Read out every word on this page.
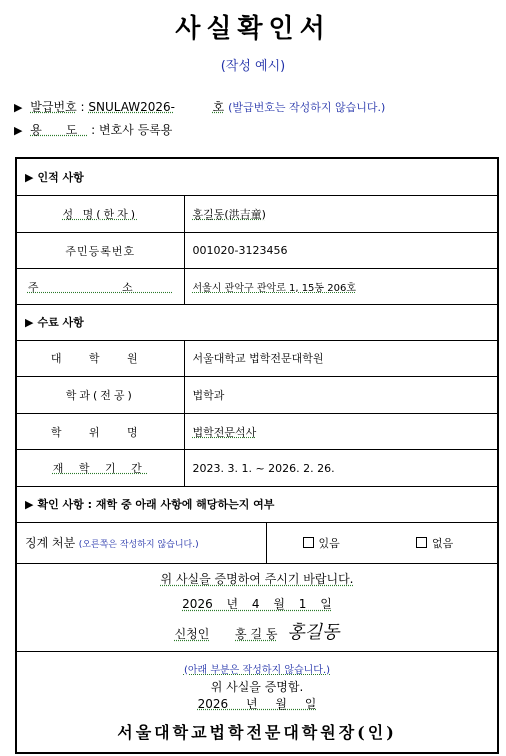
사실확인서
(작성 예시)
▶ 발급번호 : SNULAW2026-	호 (발급번호는 작성하지 않습니다.)
▶ 용 도 : 변호사 등록용
▶ 인적 사항		
성 명(한자)	홍길동(洪吉童)	
주민등록번호	001020-3123456	
주 소	서울시 관악구 관악로 1, 15동 206호	
▶ 수료 사항		
대 학 원	서울대학교 법학전문대학원	
학과(전공)	법학과	
학 위 명	법학전문석사	
재 학 기 간	2023. 3. 1. ~ 2026. 2. 26.	
▶ 확인 사항 : 재학 중 아래 사항에 해당하는지 여부		
징계 처분 (오른쪽은 작성하지 않습니다.)		있음 없음

위 사실을 증명하여 주시기 바랍니다.
2026 년 4 월 1 일
신청인 홍 길 동 홍길동		

(아래 부분은 작성하지 않습니다.)
위 사실을 증명함.
2026 년 월 일
서울대학교법학전문대학원장(인)		
